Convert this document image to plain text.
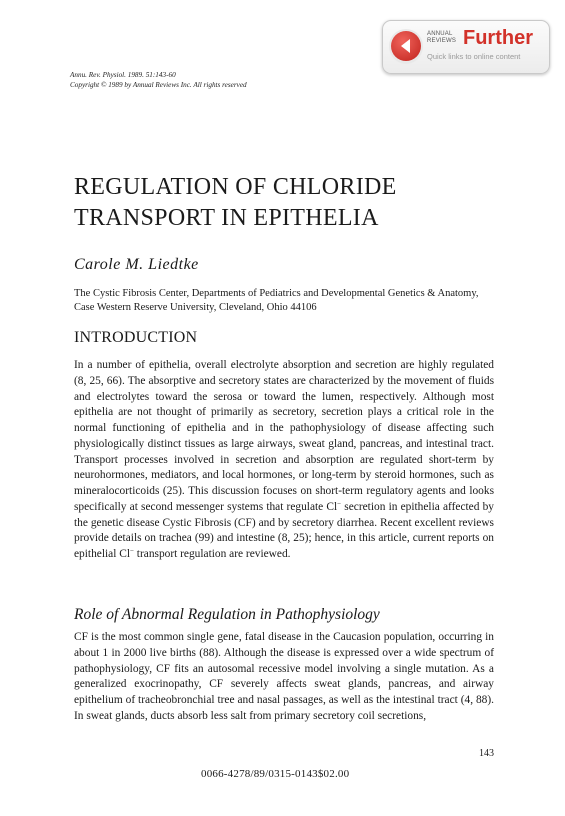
ANNUAL
REVIEWS Further
Quick links to online content
Annu. Rev. Physiol. 1989. 51:143-60
Copyright © 1989 by Annual Reviews Inc. All rights reserved
REGULATION OF CHLORIDE
TRANSPORT IN EPITHELIA
Carole M. Liedtke
The Cystic Fibrosis Center, Departments of Pediatrics and Developmental Genetics & Anatomy, Case Western Reserve University, Cleveland, Ohio 44106
INTRODUCTION
In a number of epithelia, overall electrolyte absorption and secretion are highly regulated (8, 25, 66). The absorptive and secretory states are characterized by the movement of fluids and electrolytes toward the serosa or toward the lumen, respectively. Although most epithelia are not thought of primarily as secretory, secretion plays a critical role in the normal functioning of epithelia and in the pathophysiology of disease affecting such physiologically distinct tissues as large airways, sweat gland, pancreas, and intestinal tract. Transport processes involved in secretion and absorption are regulated short-term by neurohormones, mediators, and local hormones, or long-term by steroid hormones, such as mineralocorticoids (25). This discussion focuses on short-term regulatory agents and looks specifically at second messenger systems that regulate Cl− secretion in epithelia affected by the genetic disease Cystic Fibrosis (CF) and by secretory diarrhea. Recent excellent reviews provide details on trachea (99) and intestine (8, 25); hence, in this article, current reports on epithelial Cl− transport regulation are reviewed.
Role of Abnormal Regulation in Pathophysiology
CF is the most common single gene, fatal disease in the Caucasion population, occurring in about 1 in 2000 live births (88). Although the disease is expressed over a wide spectrum of pathophysiology, CF fits an autosomal recessive model involving a single mutation. As a generalized exocrinopathy, CF severely affects sweat glands, pancreas, and airway epithelium of tracheobronchial tree and nasal passages, as well as the intestinal tract (4, 88). In sweat glands, ducts absorb less salt from primary secretory coil secretions,
143
0066-4278/89/0315-0143$02.00
